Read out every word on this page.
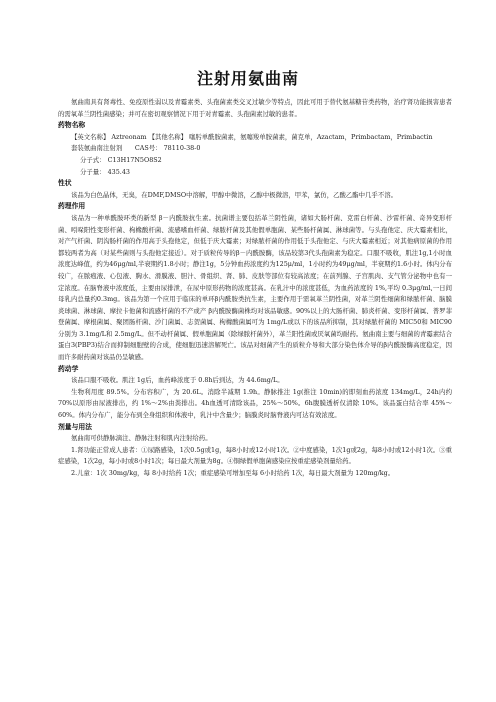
注射用氨曲南

氨曲南具有肾毒性、免疫原性弱以及青霉素类、头孢菌素类交叉过敏少等特点，因此可用于替代氨基糖苷类药物，治疗肾功能损害患者的需氧革兰阴性菌感染；并可在密切观察情况下用于对青霉素、头孢菌素过敏的患者。

药物名称

【英文名称】 Aztreonam 【其他名称】 噻肟单酰胺菌素，氨噻羧单胺菌素，菌克单，Azactam，Primbactam，Primbactin

套装氨曲南注射剂　　CAS号： 78110-38-0

分子式： C13H17N5O8S2

分子量： 435.43

性状

该品为白色晶体，无臭，在DMF,DMSO中溶解，甲醇中微溶，乙醇中极微溶，甲苯，氯仿，乙酸乙酯中几乎不溶。

药理作用

该品为一种单酰胺环类的新型 β－内酰胺抗生素。抗菌谱主要包括革兰阴性菌，诸如大肠杆菌、克雷白杆菌、沙雷杆菌、奇异变形杆菌、吲哚阳性变形杆菌、枸橼酸杆菌、流感嗜血杆菌、绿脓杆菌及其他假单胞菌、某些肠杆菌属、淋球菌等。与头孢他定、庆大霉素相比，对产气杆菌、阴沟肠杆菌的作用高于头孢他定，但低于庆大霉素；对绿脓杆菌的作用低于头孢他定、与庆大霉素相近；对其他病原菌的作用都较两者为高（对某些菌则与头孢他定接近）。对于质粒传导的β－内酰胺酶，该品较第3代头孢菌素为稳定。口服不吸收，肌注1g,1小时血浓度达峰值，约为46μg/ml,半衰期约1.8小时；静注1g，5分钟血药浓度约为125μ/ml，1小时约为49μg/ml，半衰期约1.6小时。体内分布较广，在脓疱液、心包液、胸水、滑膜液、胆汁、骨组织、肾、肺、皮肤等部位有较高浓度；在前列腺、子宫肌肉、支气管分泌物中也有一定浓度。在脑脊液中浓度低，主要由尿排泄，在尿中原形药物的浓度甚高。在乳汁中的浓度甚低，为血药浓度的 1%,平均 0.3μg/ml,一日间母乳内总量约0.3mg。该品为第一个应用于临床的单环β内酰胺类抗生素，主要作用于需氧革兰阴性菌，对革兰阴性细菌和绿脓杆菌、脑膜炎球菌、淋球菌、摩拉卡他菌和流感杆菌的不产或产 β内酰胺酶菌株均对该品敏感。90%以上的大肠杆菌、肺炎杆菌、变形杆菌属、普罗菲登菌属、摩根菌属、聚团肠杆菌、沙门菌属、志贺菌属、枸橼酸菌属可为 1mg/L或以下的该品所抑制，其对绿脓杆菌的 MIC50和 MIC90分别为 3.1mg/L和 2.5mg/L。但不动杆菌属、假单胞菌属（除绿脓杆菌外），革兰阳性菌或厌氧菌均耐药。氨曲南主要与细菌的青霉素结合蛋白3(PBP3)结合而抑制细胞壁的合成，使细胞迅速溶解死亡。该品对细菌产生的质粒介导和大部分染色体介导的β内酰胺酶高度稳定，因而许多耐药菌对该品仍呈敏感。

药动学

该品口服不吸收。肌注 1g后，血药峰浓度于 0.8h后到达，为 44.6mg/L。

生物利用度 89.5%。分布容积广，为 20.6L。消除半减期 1.9h。静脉推注 1g(推注 10min)的即刻血药浓度 134mg/L，24h内约 70%以原形由尿液排出，约 1%～2%由粪排出。4h血透可清除该品，25%～50%。6h腹膜透析仅清除 10%。该品蛋白结合率 45%～60%。体内分布广，能分布到全身组织和体液中，乳汁中含量少；脑膜炎时脑脊液内可达有效浓度。

剂量与用法

氨曲南可供静脉滴注、静脉注射和肌内注射给药。

1.肾功能正常成人患者：①尿路感染，1次0.5g或1g，每8小时或12小时1次。②中度感染，1次1g或2g，每8小时或12小时1次。③重症感染，1次2g，每小时或8小时1次；每日最大剂量为8g。④铜绿假单胞菌感染应按重症感染剂量给药。

2.儿童：1次 30mg/kg，每 8小时给药 1次；重症感染可增加至每 6小时给药 1次，每日最大剂量为 120mg/kg。
